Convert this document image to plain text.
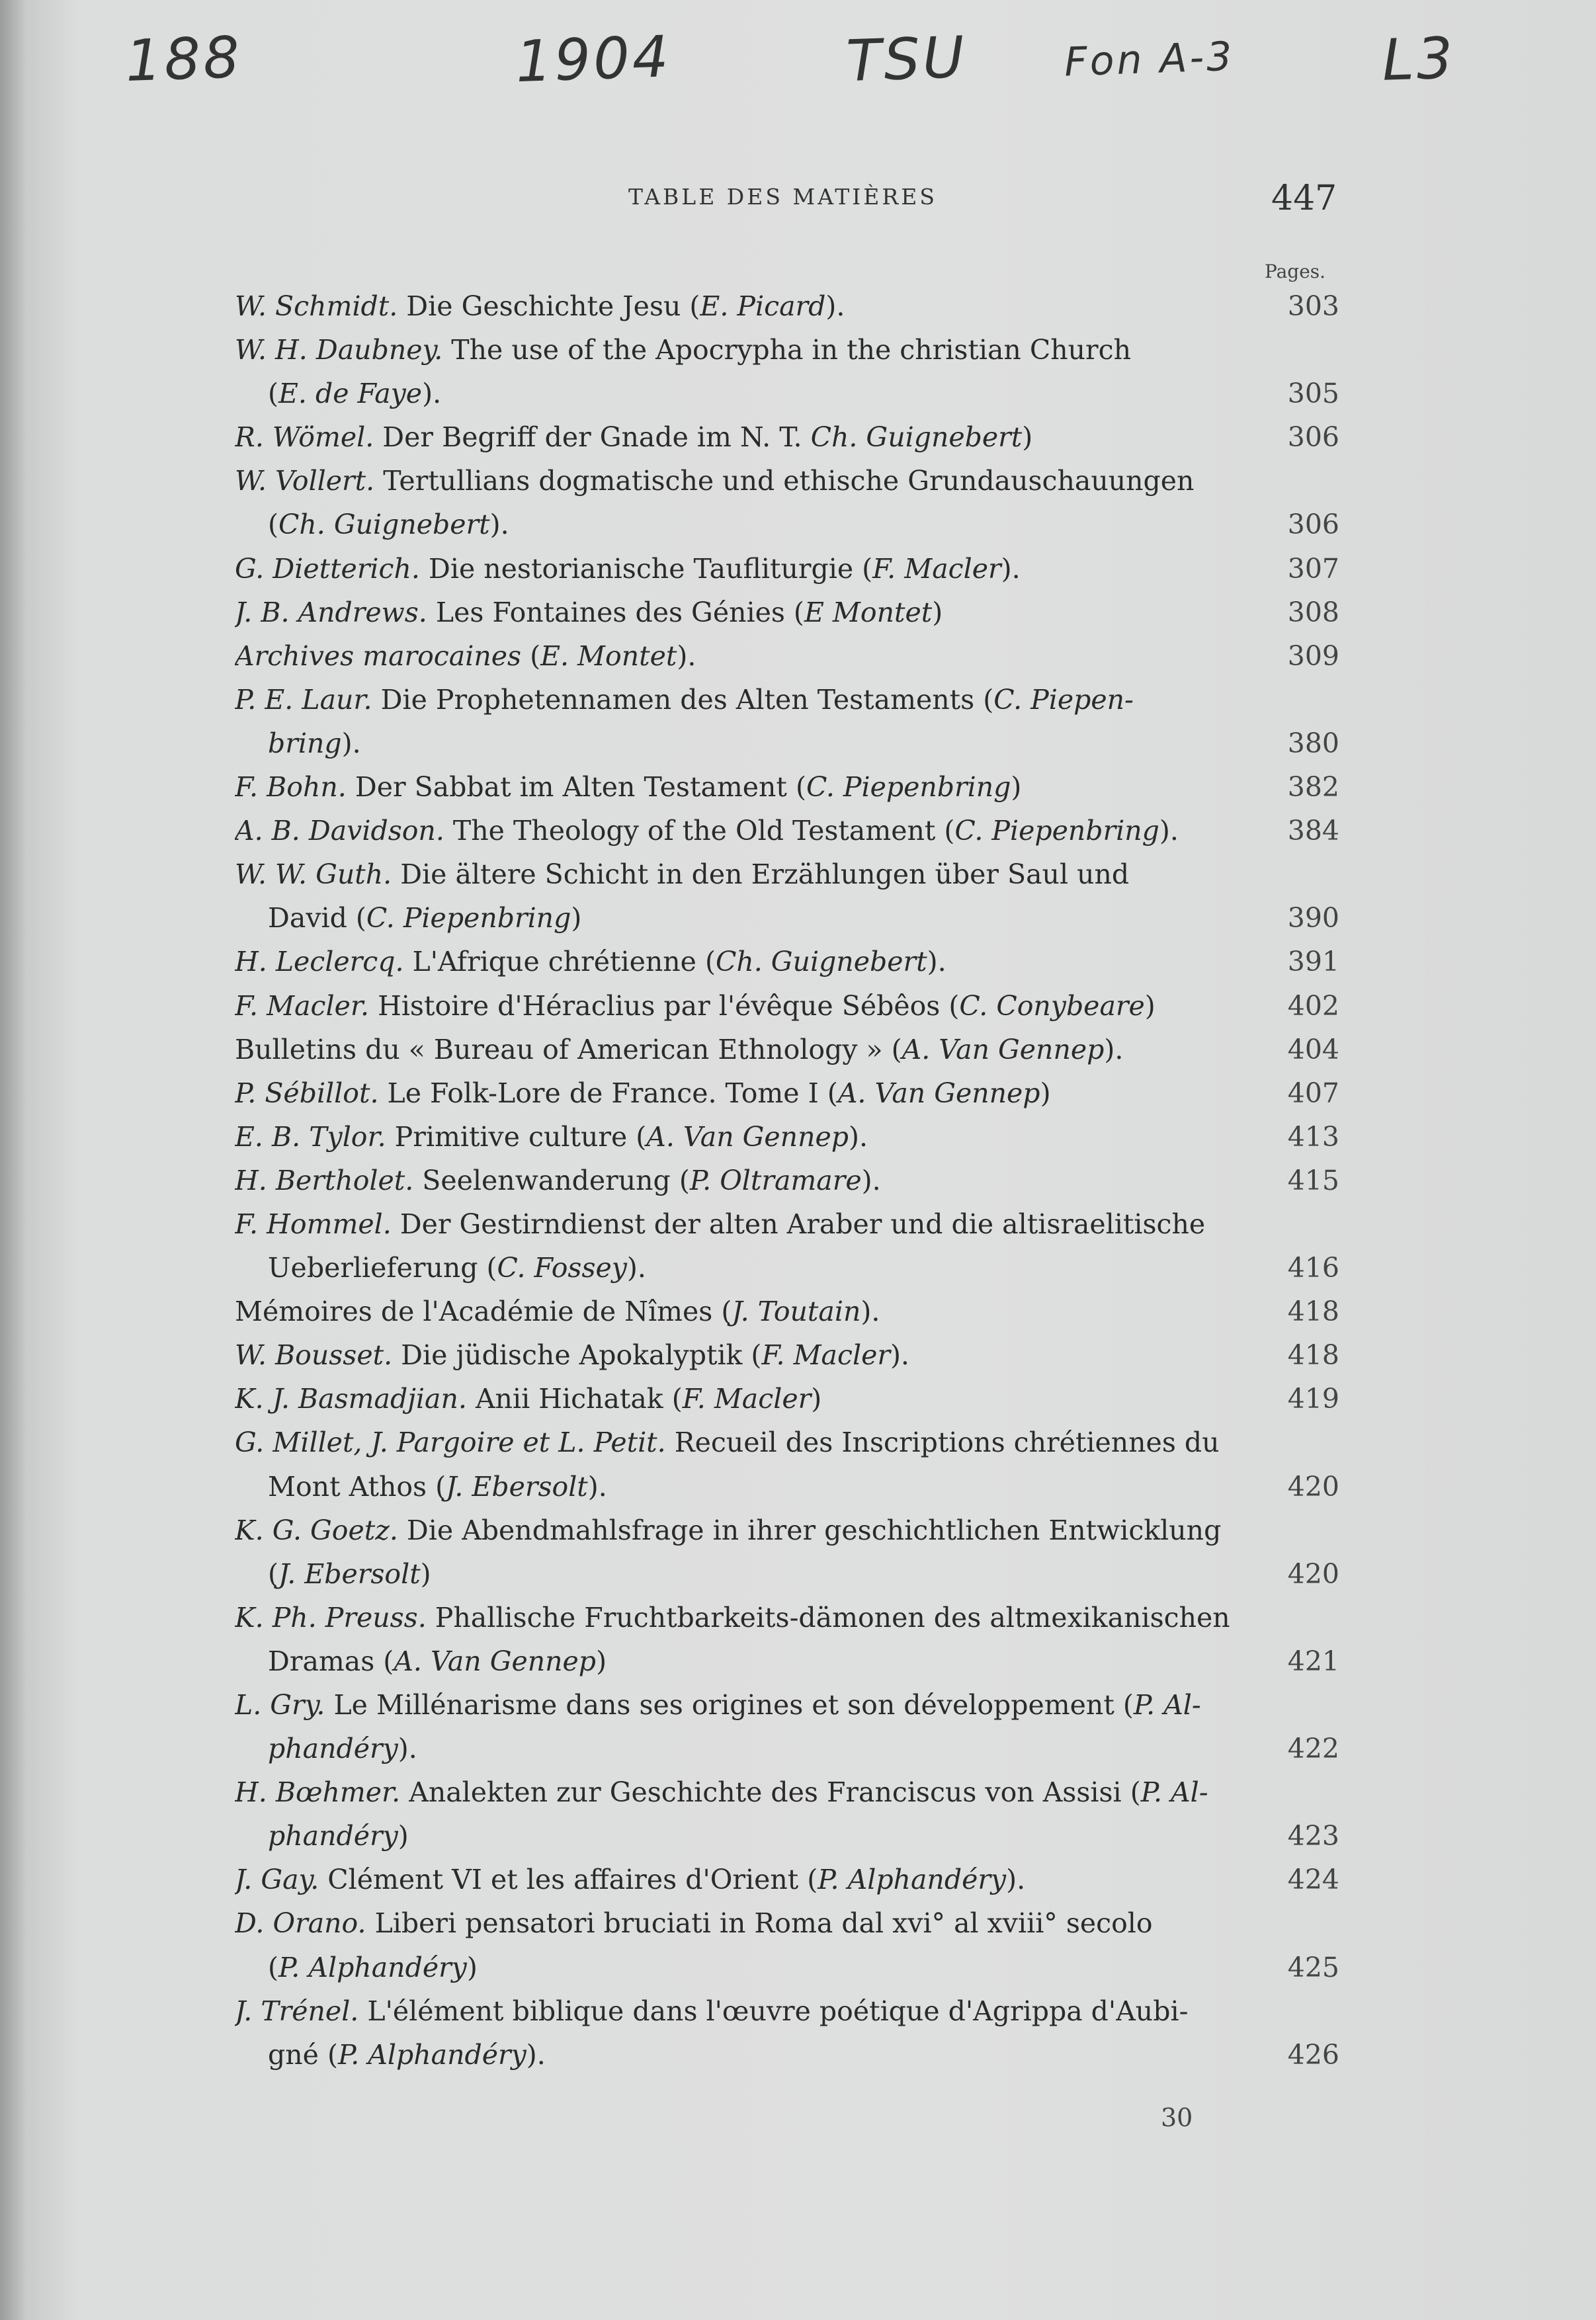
188	1904	TSU Fon A-3	L3
TABLE DES MATIÈRES	447
Pages.
W. Schmidt. Die Geschichte Jesu (E. Picard).	303
W. H. Daubney. The use of the Apocrypha in the christian Church
(E. de Faye).	305
R. Wömel. Der Begriff der Gnade im N. T. Ch. Guignebert)	306
W. Vollert. Tertullians dogmatische und ethische Grundauschauungen
(Ch. Guignebert).	306
G. Dietterich. Die nestorianische Taufliturgie (F. Macler).	307
J. B. Andrews. Les Fontaines des Génies (E Montet)	308
Archives marocaines (E. Montet).	309
P. E. Laur. Die Prophetennamen des Alten Testaments (C. Piepen-
bring).	380
F. Bohn. Der Sabbat im Alten Testament (C. Piepenbring)	382
A. B. Davidson. The Theology of the Old Testament (C. Piepenbring).	384
W. W. Guth. Die ältere Schicht in den Erzählungen über Saul und
David (C. Piepenbring)	390
H. Leclercq. L'Afrique chrétienne (Ch. Guignebert).	391
F. Macler. Histoire d'Héraclius par l'évêque Sébêos (C. Conybeare)	402
Bulletins du « Bureau of American Ethnology » (A. Van Gennep).	404
P. Sébillot. Le Folk-Lore de France. Tome I (A. Van Gennep)	407
E. B. Tylor. Primitive culture (A. Van Gennep).	413
H. Bertholet. Seelenwanderung (P. Oltramare).	415
F. Hommel. Der Gestirndienst der alten Araber und die altisraelitische
Ueberlieferung (C. Fossey).	416
Mémoires de l'Académie de Nîmes (J. Toutain).	418
W. Bousset. Die jüdische Apokalyptik (F. Macler).	418
K. J. Basmadjian. Anii Hichatak (F. Macler)	419
G. Millet, J. Pargoire et L. Petit. Recueil des Inscriptions chrétiennes du
Mont Athos (J. Ebersolt).	420
K. G. Goetz. Die Abendmahlsfrage in ihrer geschichtlichen Entwicklung
(J. Ebersolt)	420
K. Ph. Preuss. Phallische Fruchtbarkeits-dämonen des altmexikanischen
Dramas (A. Van Gennep)	421
L. Gry. Le Millénarisme dans ses origines et son développement (P. Al-
phandéry).	422
H. Bœhmer. Analekten zur Geschichte des Franciscus von Assisi (P. Al-
phandéry)	423
J. Gay. Clément VI et les affaires d'Orient (P. Alphandéry).	424
D. Orano. Liberi pensatori bruciati in Roma dal xvi° al xviii° secolo
(P. Alphandéry)	425
J. Trénel. L'élément biblique dans l'œuvre poétique d'Agrippa d'Aubi-
gné (P. Alphandéry).	426
30
